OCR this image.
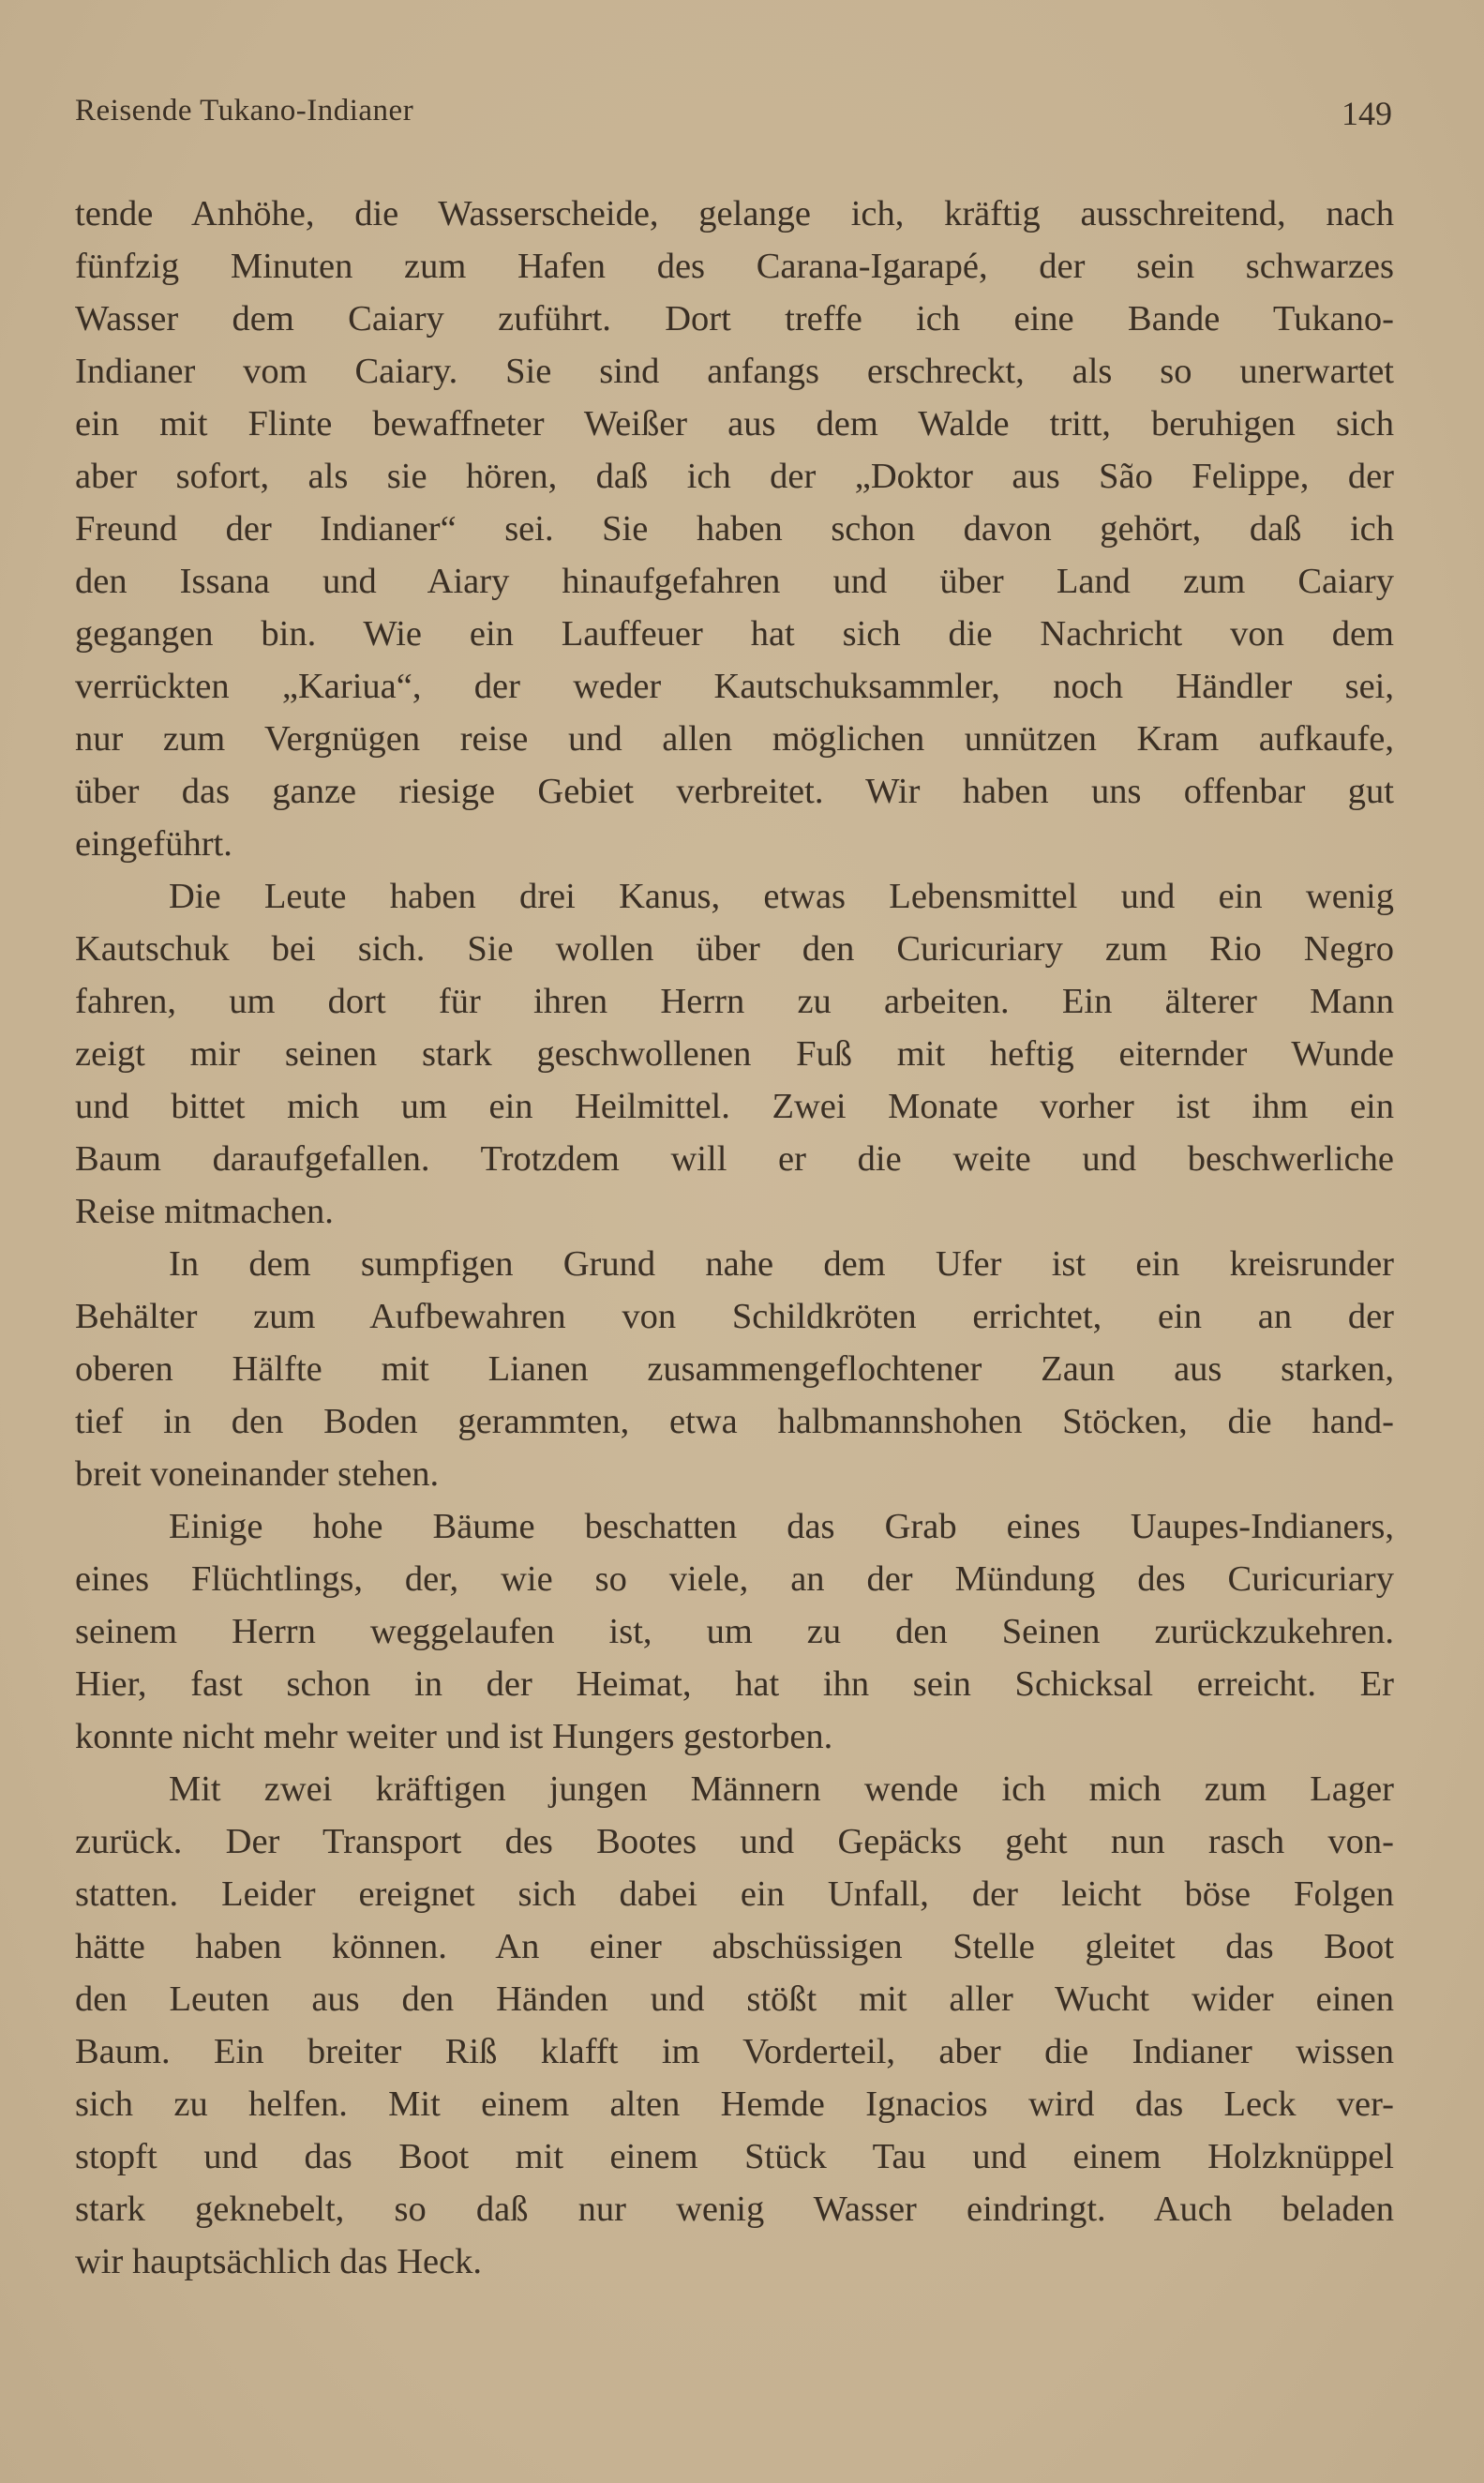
Reisende Tukano-Indianer	149
tende Anhöhe, die Wasserscheide, gelange ich, kräftig ausschreitend, nach
fünfzig Minuten zum Hafen des Carana-Igarapé, der sein schwarzes
Wasser dem Caiary zuführt. Dort treffe ich eine Bande Tukano-
Indianer vom Caiary. Sie sind anfangs erschreckt, als so unerwartet
ein mit Flinte bewaffneter Weißer aus dem Walde tritt, beruhigen sich
aber sofort, als sie hören, daß ich der „Doktor aus São Felippe, der
Freund der Indianer“ sei. Sie haben schon davon gehört, daß ich
den Issana und Aiary hinaufgefahren und über Land zum Caiary
gegangen bin. Wie ein Lauffeuer hat sich die Nachricht von dem
verrückten „Kariua“, der weder Kautschuksammler, noch Händler sei,
nur zum Vergnügen reise und allen möglichen unnützen Kram aufkaufe,
über das ganze riesige Gebiet verbreitet. Wir haben uns offenbar gut
eingeführt.
Die Leute haben drei Kanus, etwas Lebensmittel und ein wenig
Kautschuk bei sich. Sie wollen über den Curicuriary zum Rio Negro
fahren, um dort für ihren Herrn zu arbeiten. Ein älterer Mann
zeigt mir seinen stark geschwollenen Fuß mit heftig eiternder Wunde
und bittet mich um ein Heilmittel. Zwei Monate vorher ist ihm ein
Baum daraufgefallen. Trotzdem will er die weite und beschwerliche
Reise mitmachen.
In dem sumpfigen Grund nahe dem Ufer ist ein kreisrunder
Behälter zum Aufbewahren von Schildkröten errichtet, ein an der
oberen Hälfte mit Lianen zusammengeflochtener Zaun aus starken,
tief in den Boden gerammten, etwa halbmannshohen Stöcken, die hand-
breit voneinander stehen.
Einige hohe Bäume beschatten das Grab eines Uaupes-Indianers,
eines Flüchtlings, der, wie so viele, an der Mündung des Curicuriary
seinem Herrn weggelaufen ist, um zu den Seinen zurückzukehren.
Hier, fast schon in der Heimat, hat ihn sein Schicksal erreicht. Er
konnte nicht mehr weiter und ist Hungers gestorben.
Mit zwei kräftigen jungen Männern wende ich mich zum Lager
zurück. Der Transport des Bootes und Gepäcks geht nun rasch von-
statten. Leider ereignet sich dabei ein Unfall, der leicht böse Folgen
hätte haben können. An einer abschüssigen Stelle gleitet das Boot
den Leuten aus den Händen und stößt mit aller Wucht wider einen
Baum. Ein breiter Riß klafft im Vorderteil, aber die Indianer wissen
sich zu helfen. Mit einem alten Hemde Ignacios wird das Leck ver-
stopft und das Boot mit einem Stück Tau und einem Holzknüppel
stark geknebelt, so daß nur wenig Wasser eindringt. Auch beladen
wir hauptsächlich das Heck.
